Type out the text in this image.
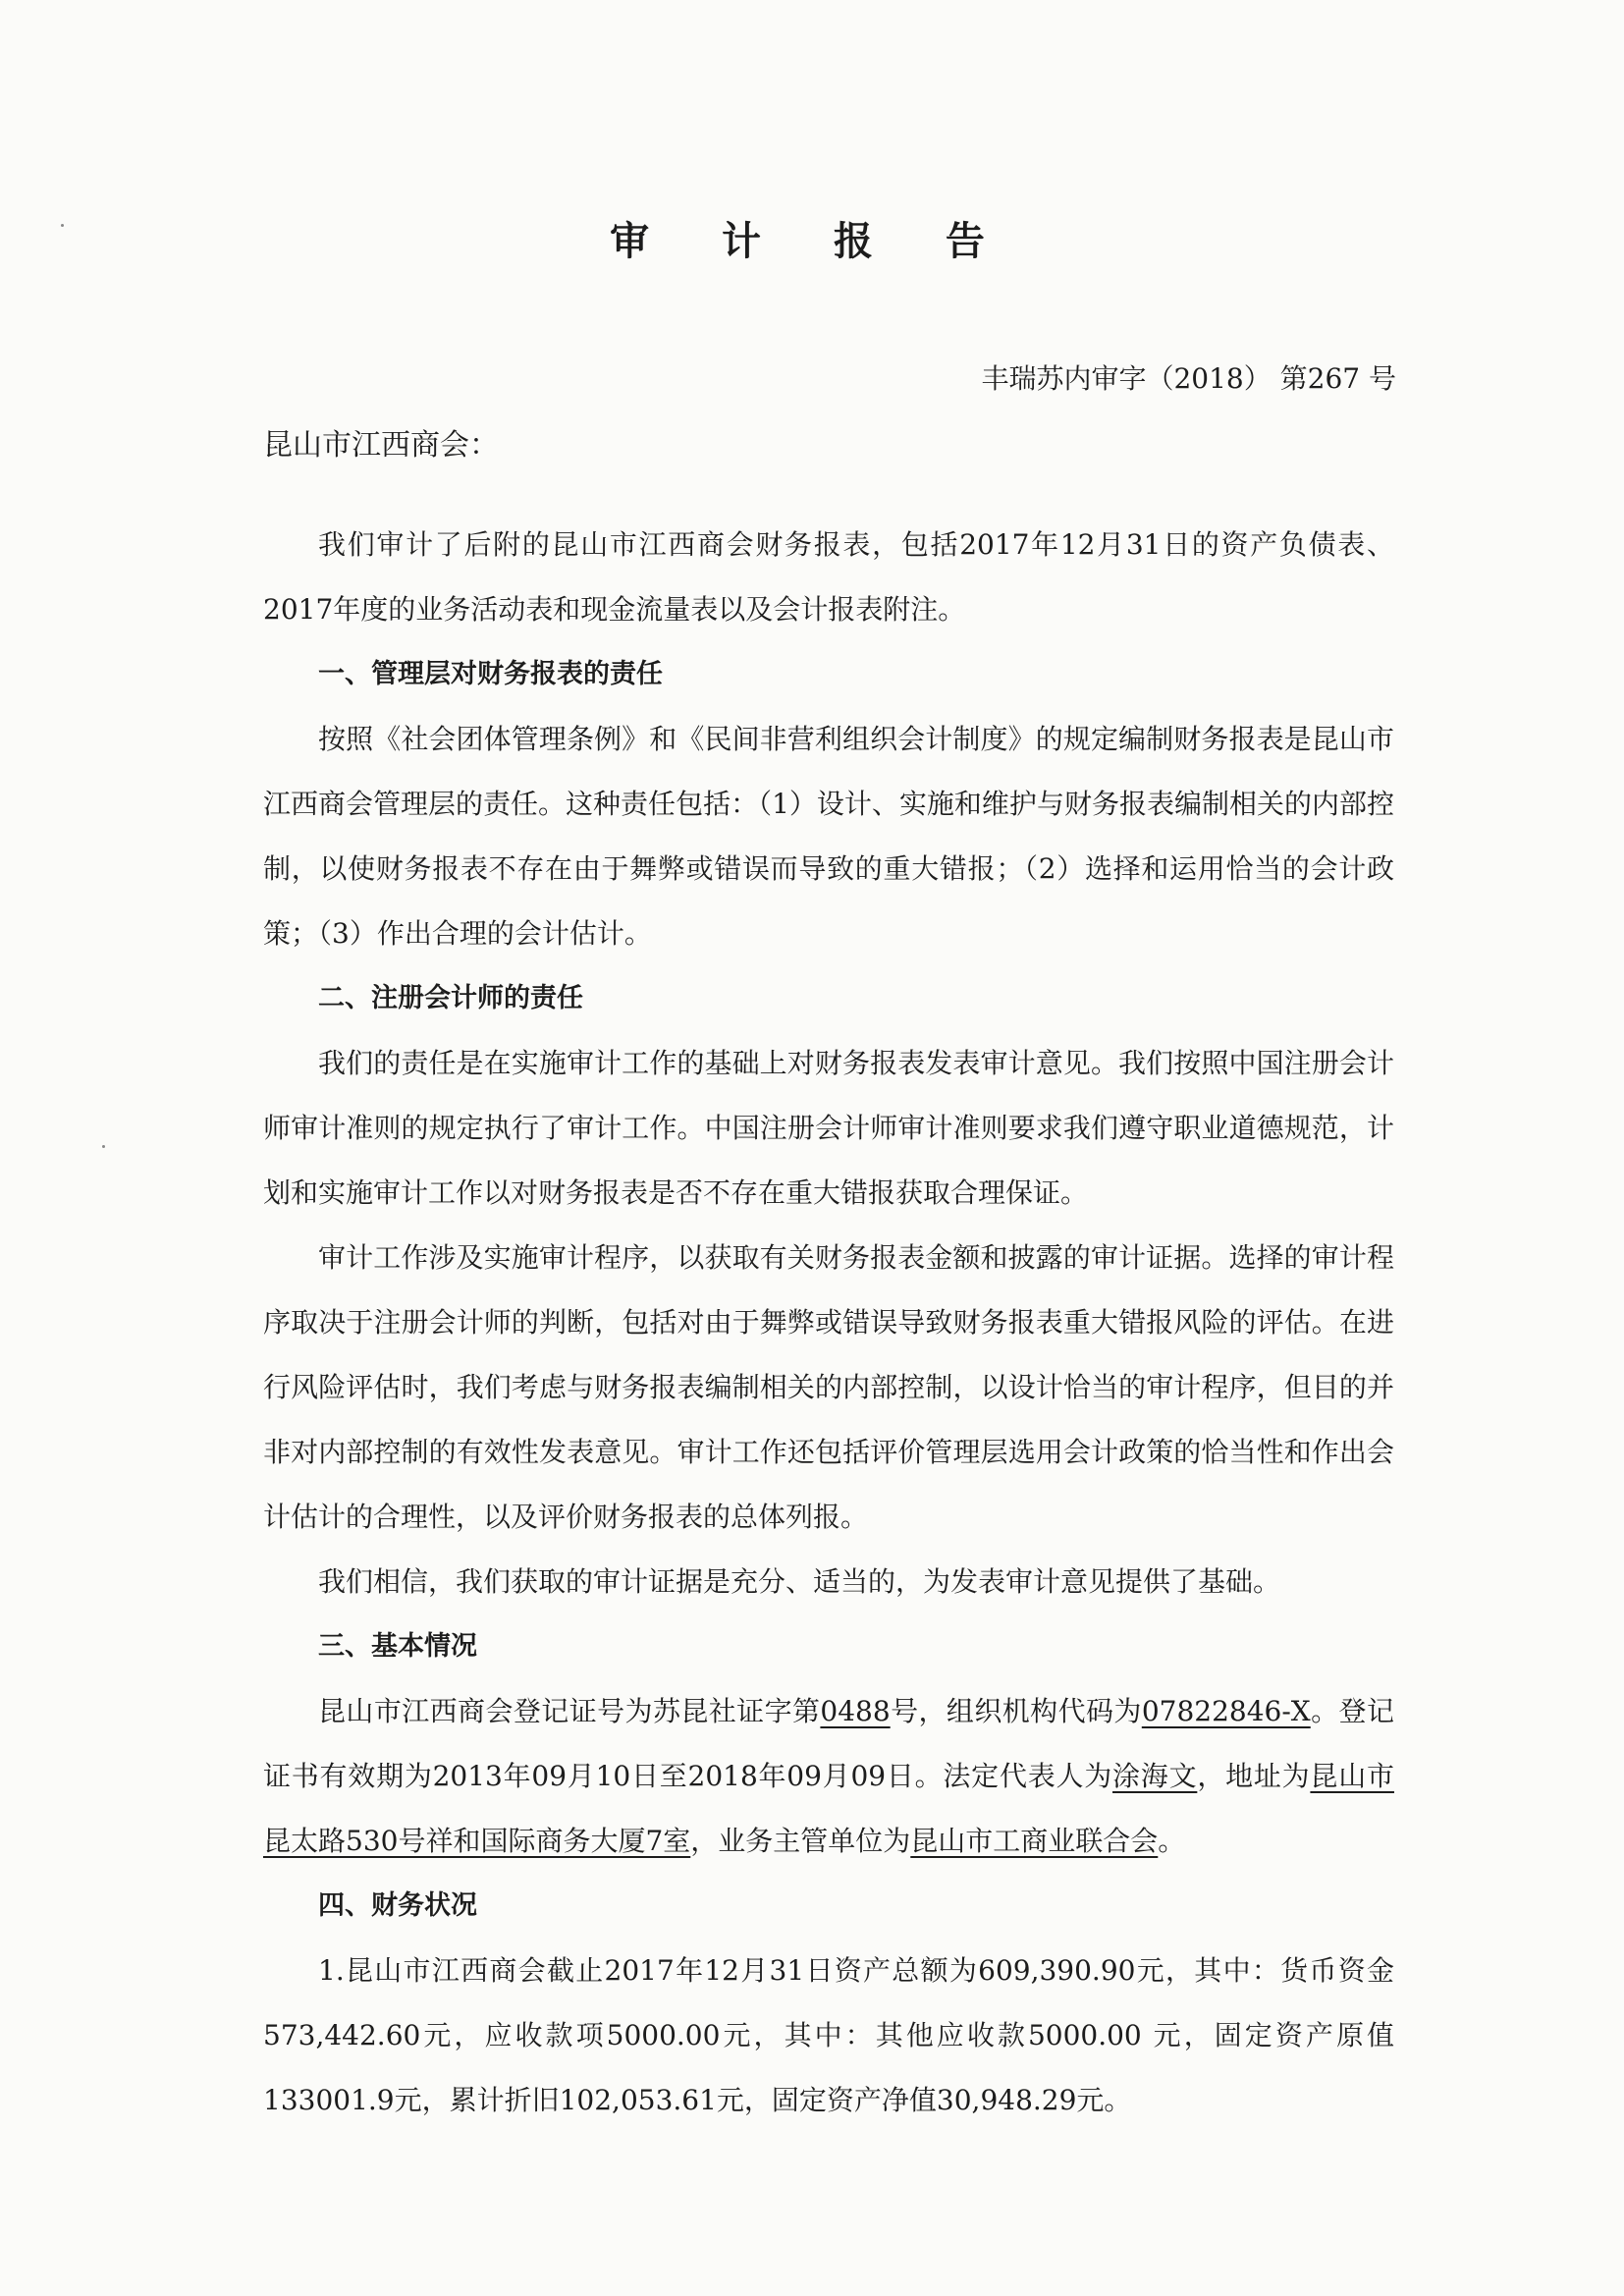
审 计 报 告
丰瑞苏内审字（2018） 第267 号
昆山市江西商会：

我们审计了后附的昆山市江西商会财务报表，包括2017年12月31日的资产负债表、2017年度的业务活动表和现金流量表以及会计报表附注。

一、管理层对财务报表的责任

按照《社会团体管理条例》和《民间非营利组织会计制度》的规定编制财务报表是昆山市江西商会管理层的责任。这种责任包括：（1）设计、实施和维护与财务报表编制相关的内部控制，以使财务报表不存在由于舞弊或错误而导致的重大错报；（2）选择和运用恰当的会计政策；（3）作出合理的会计估计。

二、注册会计师的责任

我们的责任是在实施审计工作的基础上对财务报表发表审计意见。我们按照中国注册会计师审计准则的规定执行了审计工作。中国注册会计师审计准则要求我们遵守职业道德规范，计划和实施审计工作以对财务报表是否不存在重大错报获取合理保证。

审计工作涉及实施审计程序，以获取有关财务报表金额和披露的审计证据。选择的审计程序取决于注册会计师的判断，包括对由于舞弊或错误导致财务报表重大错报风险的评估。在进行风险评估时，我们考虑与财务报表编制相关的内部控制，以设计恰当的审计程序，但目的并非对内部控制的有效性发表意见。审计工作还包括评价管理层选用会计政策的恰当性和作出会计估计的合理性，以及评价财务报表的总体列报。

我们相信，我们获取的审计证据是充分、适当的，为发表审计意见提供了基础。

三、基本情况

昆山市江西商会登记证号为苏昆社证字第0488号，组织机构代码为07822846-X。登记证书有效期为2013年09月10日至2018年09月09日。法定代表人为涂海文，地址为昆山市昆太路530号祥和国际商务大厦7室，业务主管单位为昆山市工商业联合会。

四、财务状况

1.昆山市江西商会截止2017年12月31日资产总额为609,390.90元，其中：货币资金573,442.60元，应收款项5000.00元，其中：其他应收款5000.00 元，固定资产原值133001.9元，累计折旧102,053.61元，固定资产净值30,948.29元。
